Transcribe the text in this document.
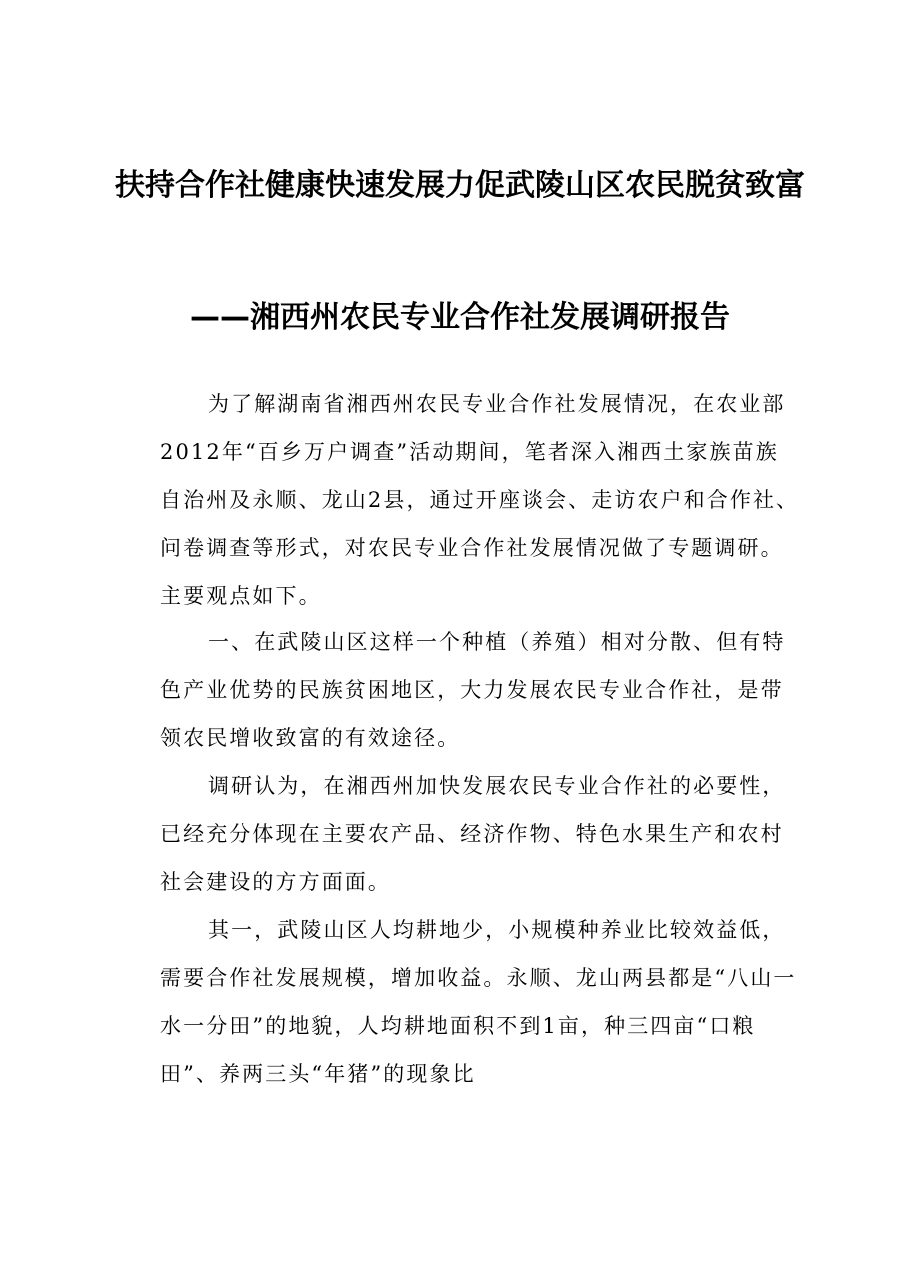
扶持合作社健康快速发展力促武陵山区农民脱贫致富
——湘西州农民专业合作社发展调研报告
为了解湖南省湘西州农民专业合作社发展情况，在农业部2012年“百乡万户调查”活动期间，笔者深入湘西土家族苗族自治州及永顺、龙山2县，通过开座谈会、走访农户和合作社、问卷调查等形式，对农民专业合作社发展情况做了专题调研。主要观点如下。
一、在武陵山区这样一个种植（养殖）相对分散、但有特色产业优势的民族贫困地区，大力发展农民专业合作社，是带领农民增收致富的有效途径。
调研认为，在湘西州加快发展农民专业合作社的必要性，已经充分体现在主要农产品、经济作物、特色水果生产和农村社会建设的方方面面。
其一，武陵山区人均耕地少，小规模种养业比较效益低，需要合作社发展规模，增加收益。永顺、龙山两县都是“八山一水一分田”的地貌，人均耕地面积不到1亩，种三四亩“口粮田”、养两三头“年猪”的现象比
